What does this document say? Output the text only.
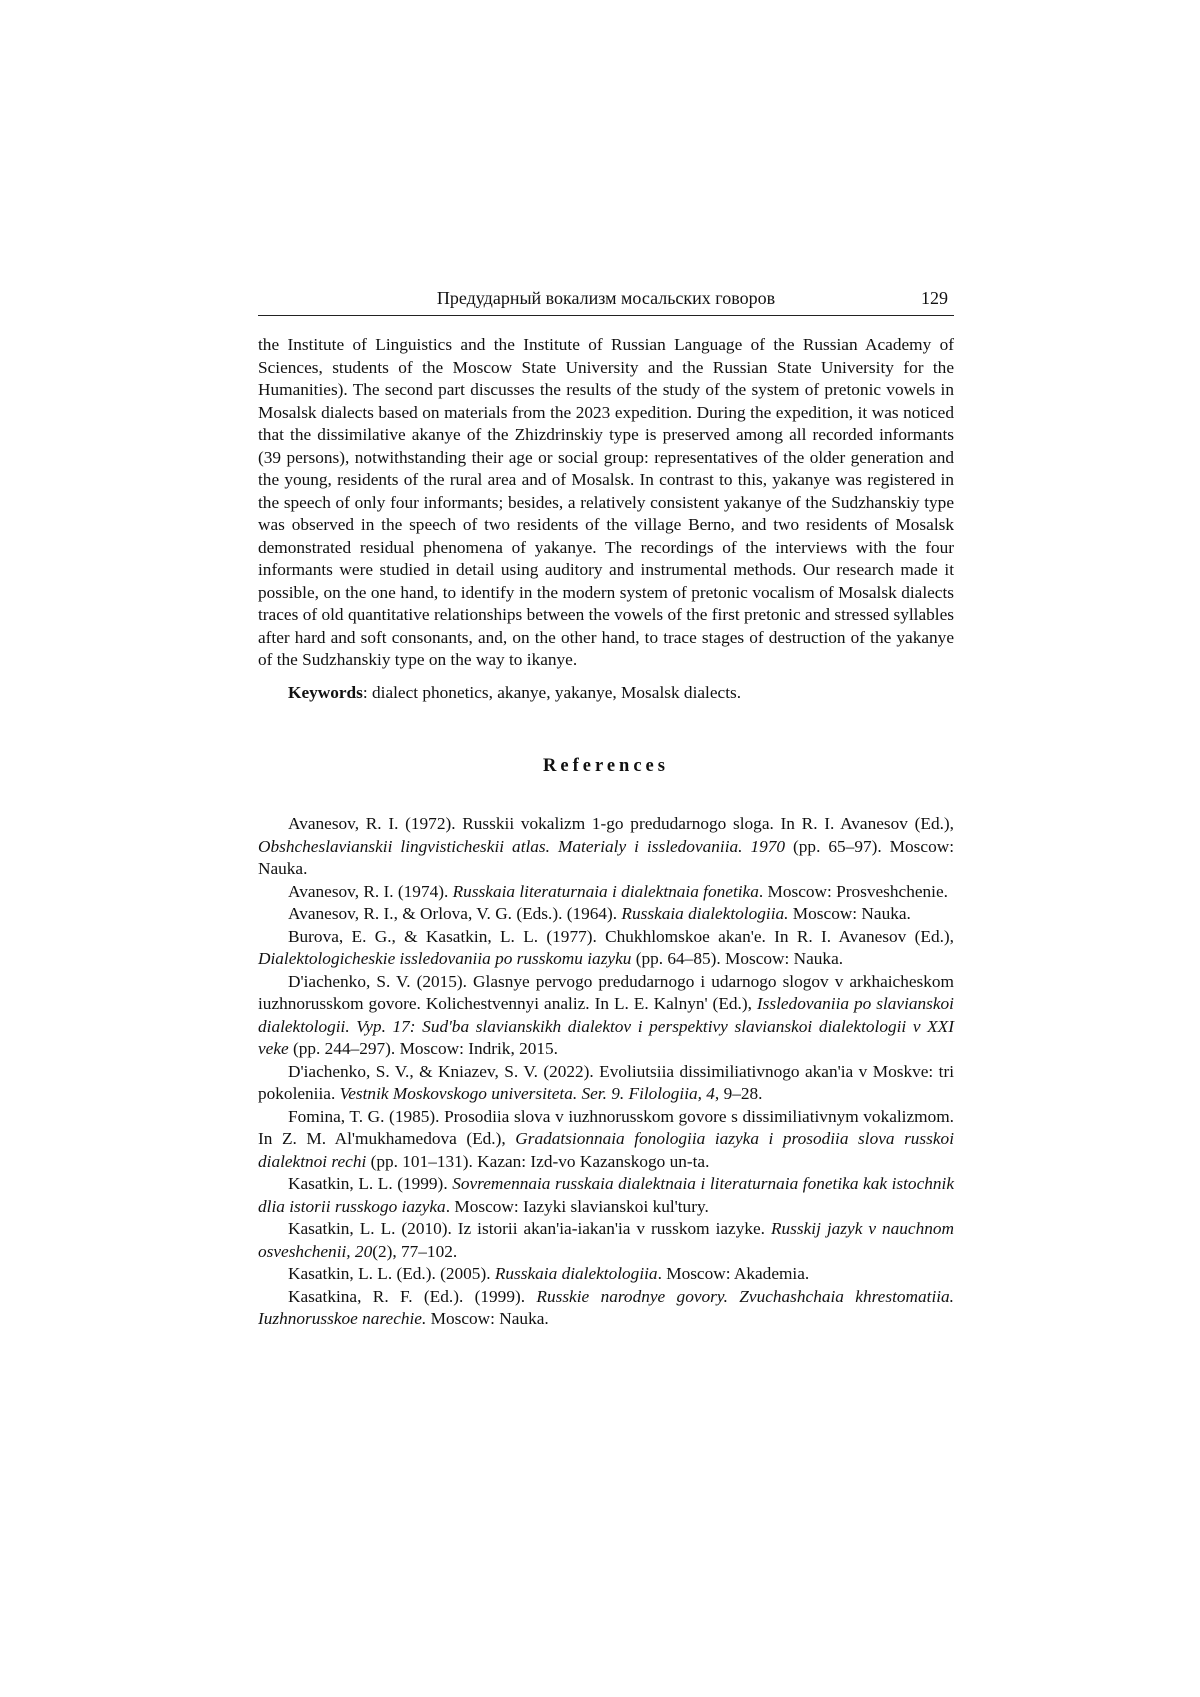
Предударный вокализм мосальских говоров	129

the Institute of Linguistics and the Institute of Russian Language of the Russian Academy of Sciences, students of the Moscow State University and the Russian State University for the Humanities). The second part discusses the results of the study of the system of pretonic vowels in Mosalsk dialects based on materials from the 2023 expedition. During the expedition, it was noticed that the dissimilative akanye of the Zhizdrinskiy type is preserved among all recorded informants (39 persons), notwithstanding their age or social group: representatives of the older generation and the young, residents of the rural area and of Mosalsk. In contrast to this, yakanye was registered in the speech of only four informants; besides, a relatively consistent yakanye of the Sudzhanskiy type was observed in the speech of two residents of the village Berno, and two residents of Mosalsk demonstrated residual phenomena of yakanye. The recordings of the interviews with the four informants were studied in detail using auditory and instrumental methods. Our research made it possible, on the one hand, to identify in the modern system of pretonic vocalism of Mosalsk dialects traces of old quantitative relationships between the vowels of the first pretonic and stressed syllables after hard and soft consonants, and, on the other hand, to trace stages of destruction of the yakanye of the Sudzhanskiy type on the way to ikanye.

Keywords: dialect phonetics, akanye, yakanye, Mosalsk dialects.

References

Avanesov, R. I. (1972). Russkii vokalizm 1-go predudarnogo sloga. In R. I. Avanesov (Ed.), Obshcheslavianskii lingvisticheskii atlas. Materialy i issledovaniia. 1970 (pp. 65–97). Moscow: Nauka.

Avanesov, R. I. (1974). Russkaia literaturnaia i dialektnaia fonetika. Moscow: Prosveshchenie.

Avanesov, R. I., & Orlova, V. G. (Eds.). (1964). Russkaia dialektologiia. Moscow: Nauka.

Burova, E. G., & Kasatkin, L. L. (1977). Chukhlomskoe akan'e. In R. I. Avanesov (Ed.), Dialektologicheskie issledovaniia po russkomu iazyku (pp. 64–85). Moscow: Nauka.

D'iachenko, S. V. (2015). Glasnye pervogo predudarnogo i udarnogo slogov v arkhaicheskom iuzhnorusskom govore. Kolichestvennyi analiz. In L. E. Kalnyn' (Ed.), Issledovaniia po slavianskoi dialektologii. Vyp. 17: Sud'ba slavianskikh dialektov i perspektivy slavianskoi dialektologii v XXI veke (pp. 244–297). Moscow: Indrik, 2015.

D'iachenko, S. V., & Kniazev, S. V. (2022). Evoliutsiia dissimiliativnogo akan'ia v Moskve: tri pokoleniia. Vestnik Moskovskogo universiteta. Ser. 9. Filologiia, 4, 9–28.

Fomina, T. G. (1985). Prosodiia slova v iuzhnorusskom govore s dissimiliativnym vokalizmom. In Z. M. Al'mukhamedova (Ed.), Gradatsionnaia fonologiia iazyka i prosodiia slova russkoi dialektnoi rechi (pp. 101–131). Kazan: Izd-vo Kazanskogo un-ta.

Kasatkin, L. L. (1999). Sovremennaia russkaia dialektnaia i literaturnaia fonetika kak istochnik dlia istorii russkogo iazyka. Moscow: Iazyki slavianskoi kul'tury.

Kasatkin, L. L. (2010). Iz istorii akan'ia-iakan'ia v russkom iazyke. Russkij jazyk v nauchnom osveshchenii, 20(2), 77–102.

Kasatkin, L. L. (Ed.). (2005). Russkaia dialektologiia. Moscow: Akademia.

Kasatkina, R. F. (Ed.). (1999). Russkie narodnye govory. Zvuchashchaia khrestomatiia. Iuzhnorusskoe narechie. Moscow: Nauka.
